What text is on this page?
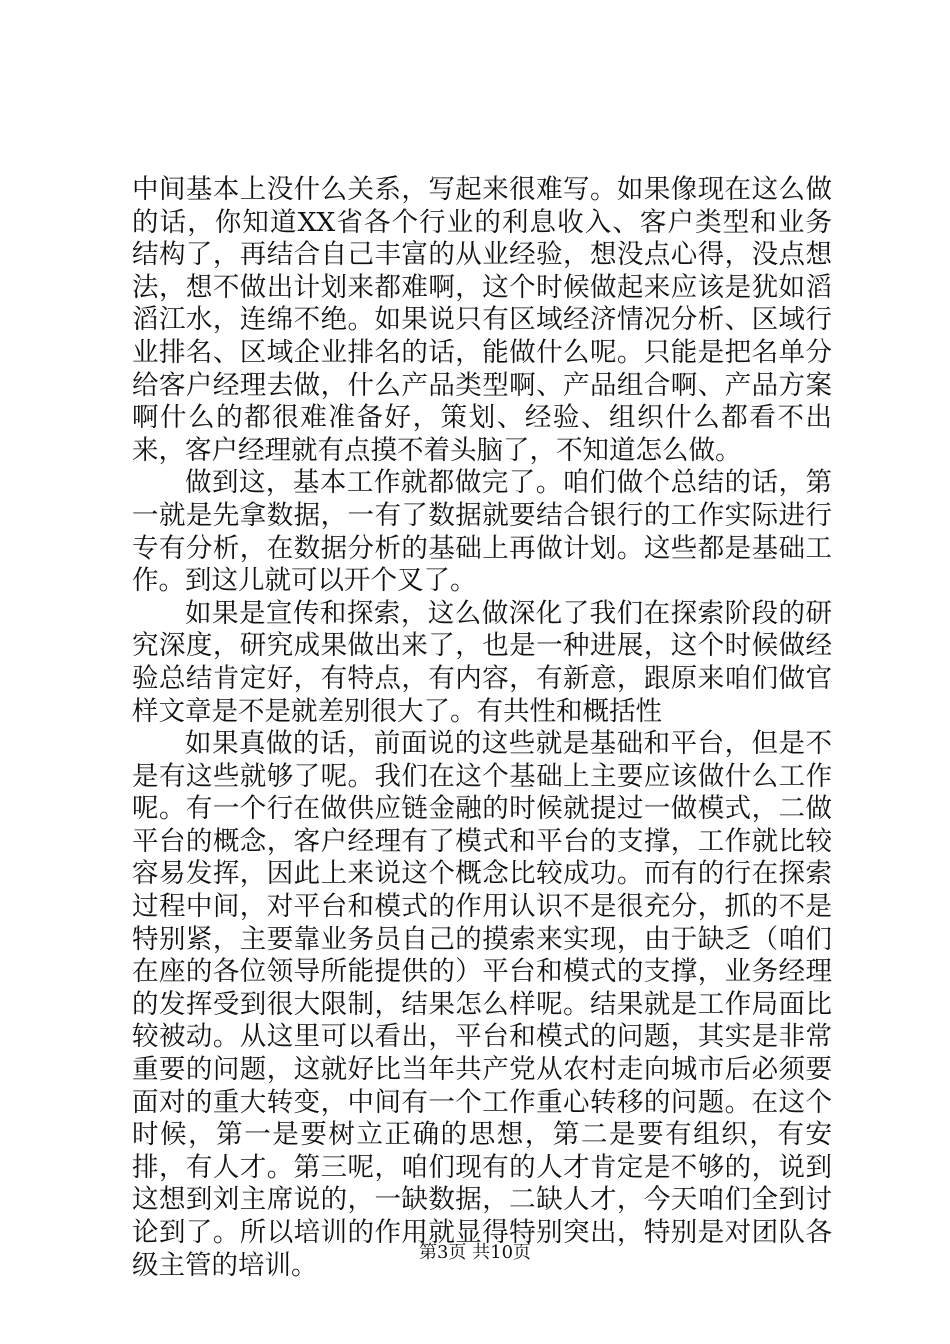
中间基本上没什么关系，写起来很难写。如果像现在这么做的话，你知道XX省各个行业的利息收入、客户类型和业务结构了，再结合自己丰富的从业经验，想没点心得，没点想法，想不做出计划来都难啊，这个时候做起来应该是犹如滔滔江水，连绵不绝。如果说只有区域经济情况分析、区域行业排名、区域企业排名的话，能做什么呢。只能是把名单分给客户经理去做，什么产品类型啊、产品组合啊、产品方案啊什么的都很难准备好，策划、经验、组织什么都看不出来，客户经理就有点摸不着头脑了，不知道怎么做。

做到这，基本工作就都做完了。咱们做个总结的话，第一就是先拿数据，一有了数据就要结合银行的工作实际进行专有分析，在数据分析的基础上再做计划。这些都是基础工作。到这儿就可以开个叉了。

如果是宣传和探索，这么做深化了我们在探索阶段的研究深度，研究成果做出来了，也是一种进展，这个时候做经验总结肯定好，有特点，有内容，有新意，跟原来咱们做官样文章是不是就差别很大了。有共性和概括性

如果真做的话，前面说的这些就是基础和平台，但是不是有这些就够了呢。我们在这个基础上主要应该做什么工作呢。有一个行在做供应链金融的时候就提过一做模式，二做平台的概念，客户经理有了模式和平台的支撑，工作就比较容易发挥，因此上来说这个概念比较成功。而有的行在探索过程中间，对平台和模式的作用认识不是很充分，抓的不是特别紧，主要靠业务员自己的摸索来实现，由于缺乏（咱们在座的各位领导所能提供的）平台和模式的支撑，业务经理的发挥受到很大限制，结果怎么样呢。结果就是工作局面比较被动。从这里可以看出，平台和模式的问题，其实是非常重要的问题，这就好比当年共产党从农村走向城市后必须要面对的重大转变，中间有一个工作重心转移的问题。在这个时候，第一是要树立正确的思想，第二是要有组织，有安排，有人才。第三呢，咱们现有的人才肯定是不够的，说到这想到刘主席说的，一缺数据，二缺人才，今天咱们全到讨论到了。所以培训的作用就显得特别突出，特别是对团队各级主管的培训。	第3页 共10页
